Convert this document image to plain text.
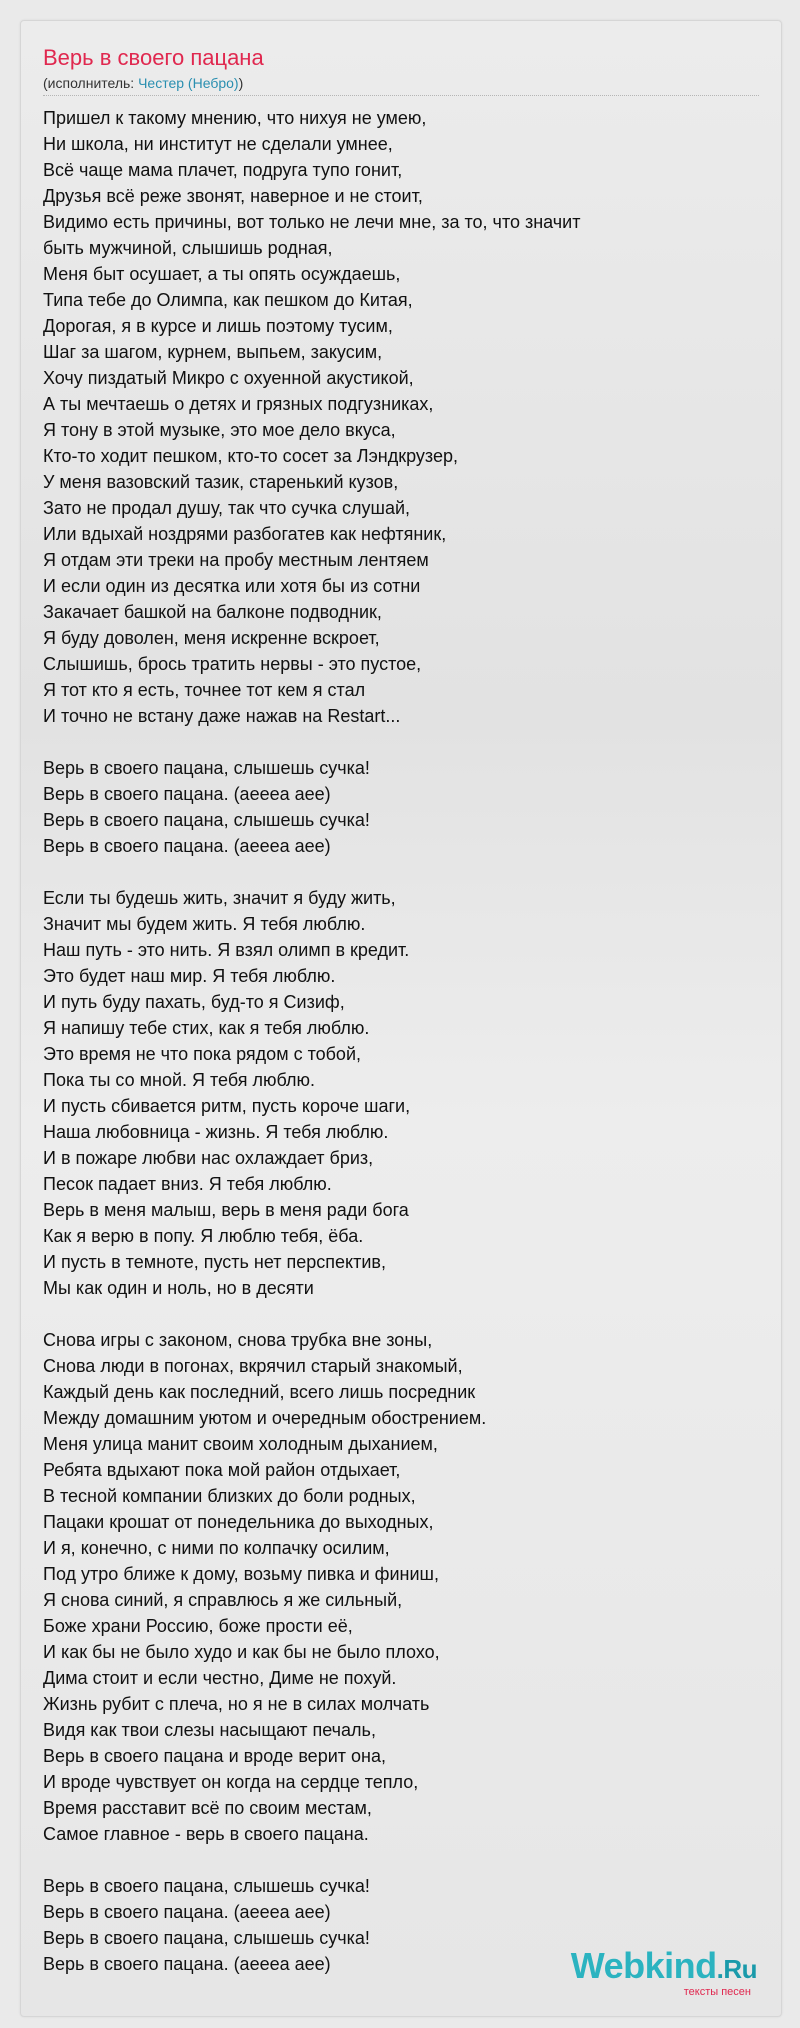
Верь в своего пацана
(исполнитель: Честер (Небро))
Пришел к такому мнению, что нихуя не умею,
Ни школа, ни институт не сделали умнее,
Всё чаще мама плачет, подруга тупо гонит,
Друзья всё реже звонят, наверное и не стоит,
Видимо есть причины, вот только не лечи мне, за то, что значит
быть мужчиной, слышишь родная,
Меня быт осушает, а ты опять осуждаешь,
Типа тебе до Олимпа, как пешком до Китая,
Дорогая, я в курсе и лишь поэтому тусим,
Шаг за шагом, курнем, выпьем, закусим,
Хочу пиздатый Микро с охуенной акустикой,
А ты мечтаешь о детях и грязных подгузниках,
Я тону в этой музыке, это мое дело вкуса,
Кто-то ходит пешком, кто-то сосет за Лэндкрузер,
У меня вазовский тазик, старенький кузов,
Зато не продал душу, так что сучка слушай,
Или вдыхай ноздрями разбогатев как нефтяник,
Я отдам эти треки на пробу местным лентяем
И если один из десятка или хотя бы из сотни
Закачает башкой на балконе подводник,
Я буду доволен, меня искренне вскроет,
Слышишь, брось тратить нервы - это пустое,
Я тот кто я есть, точнее тот кем я стал
И точно не встану даже нажав на Restart...
Верь в своего пацана, слышешь сучка!
Верь в своего пацана. (аееeа аее)
Верь в своего пацана, слышешь сучка!
Верь в своего пацана. (аееeа аее)
Если ты будешь жить, значит я буду жить,
Значит мы будем жить. Я тебя люблю.
Наш путь - это нить. Я взял олимп в кредит.
Это будет наш мир. Я тебя люблю.
И путь буду пахать, буд-то я Сизиф,
Я напишу тебе стих, как я тебя люблю.
Это время не что пока рядом с тобой,
Пока ты со мной. Я тебя люблю.
И пусть сбивается ритм, пусть короче шаги,
Наша любовница - жизнь. Я тебя люблю.
И в пожаре любви нас охлаждает бриз,
Песок падает вниз. Я тебя люблю.
Верь в меня малыш, верь в меня ради бога
Как я верю в попу. Я люблю тебя, ёба.
И пусть в темноте, пусть нет перспектив,
Мы как один и ноль, но в десяти
Снова игры с законом, снова трубка вне зоны,
Снова люди в погонах, вкрячил старый знакомый,
Каждый день как последний, всего лишь посредник
Между домашним уютом и очередным обострением.
Меня улица манит своим холодным дыханием,
Ребята вдыхают пока мой район отдыхает,
В тесной компании близких до боли родных,
Пацаки крошат от понедельника до выходных,
И я, конечно, с ними по колпачку осилим,
Под утро ближе к дому, возьму пивка и финиш,
Я снова синий, я справлюсь я же сильный,
Боже храни Россию, боже прости её,
И как бы не было худо и как бы не было плохо,
Дима стоит и если честно, Диме не похуй.
Жизнь рубит с плеча, но я не в силах молчать
Видя как твои слезы насыщают печаль,
Верь в своего пацана и вроде верит она,
И вроде чувствует он когда на сердце тепло,
Время расставит всё по своим местам,
Самое главное - верь в своего пацана.
Верь в своего пацана, слышешь сучка!
Верь в своего пацана. (аееeа аее)
Верь в своего пацана, слышешь сучка!
Верь в своего пацана. (аееeа аее)	Webkind.Ru
тексты песен
